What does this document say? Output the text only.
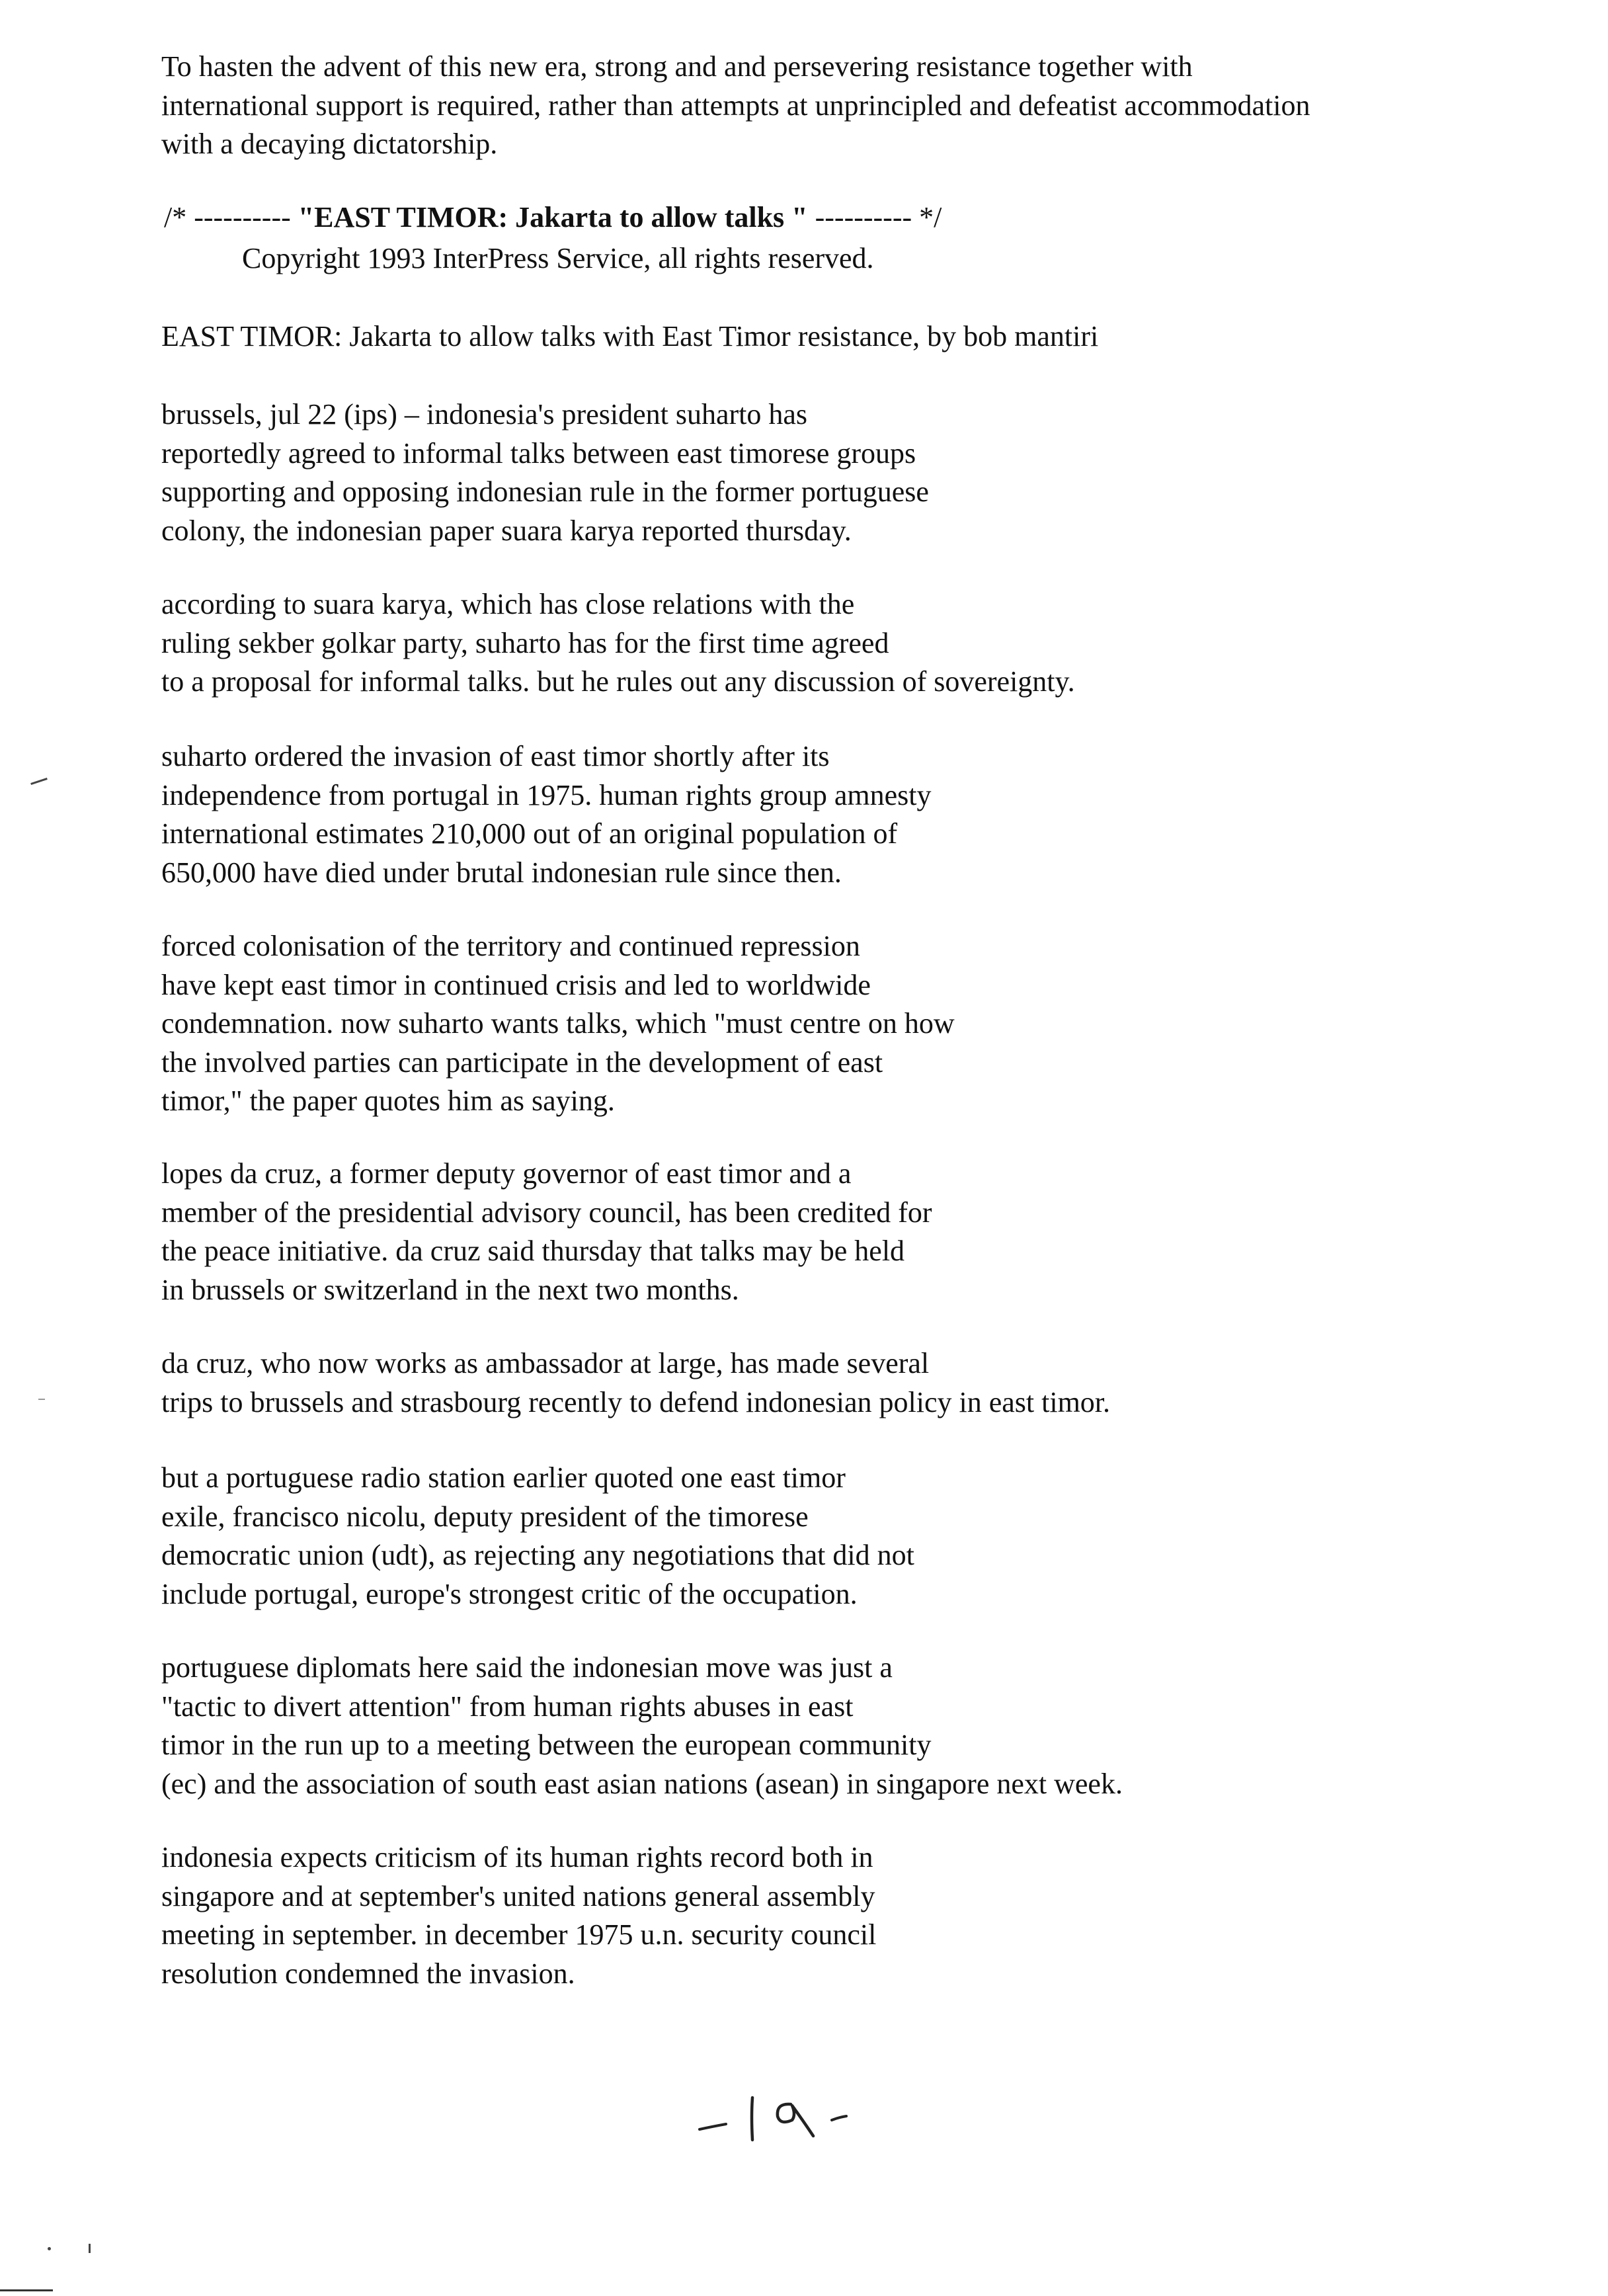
To hasten the advent of this new era, strong and and persevering resistance together with
international support is required, rather than attempts at unprincipled and defeatist accommodation
with a decaying dictatorship.
/* ---------- "EAST TIMOR: Jakarta to allow talks " ---------- */
Copyright 1993 InterPress Service, all rights reserved.
EAST TIMOR: Jakarta to allow talks with East Timor resistance, by bob mantiri
brussels, jul 22 (ips) – indonesia's president suharto has
reportedly agreed to informal talks between east timorese groups
supporting and opposing indonesian rule in the former portuguese
colony, the indonesian paper suara karya reported thursday.
according to suara karya, which has close relations with the
ruling sekber golkar party, suharto has for the first time agreed
to a proposal for informal talks. but he rules out any discussion of sovereignty.
suharto ordered the invasion of east timor shortly after its
independence from portugal in 1975. human rights group amnesty
international estimates 210,000 out of an original population of
650,000 have died under brutal indonesian rule since then.
forced colonisation of the territory and continued repression
have kept east timor in continued crisis and led to worldwide
condemnation. now suharto wants talks, which "must centre on how
the involved parties can participate in the development of east
timor," the paper quotes him as saying.
lopes da cruz, a former deputy governor of east timor and a
member of the presidential advisory council, has been credited for
the peace initiative. da cruz said thursday that talks may be held
in brussels or switzerland in the next two months.
da cruz, who now works as ambassador at large, has made several
trips to brussels and strasbourg recently to defend indonesian policy in east timor.
but a portuguese radio station earlier quoted one east timor
exile, francisco nicolu, deputy president of the timorese
democratic union (udt), as rejecting any negotiations that did not
include portugal, europe's strongest critic of the occupation.
portuguese diplomats here said the indonesian move was just a
"tactic to divert attention" from human rights abuses in east
timor in the run up to a meeting between the european community
(ec) and the association of south east asian nations (asean) in singapore next week.
indonesia expects criticism of its human rights record both in
singapore and at september's united nations general assembly
meeting in september. in december 1975 u.n. security council
resolution condemned the invasion.
